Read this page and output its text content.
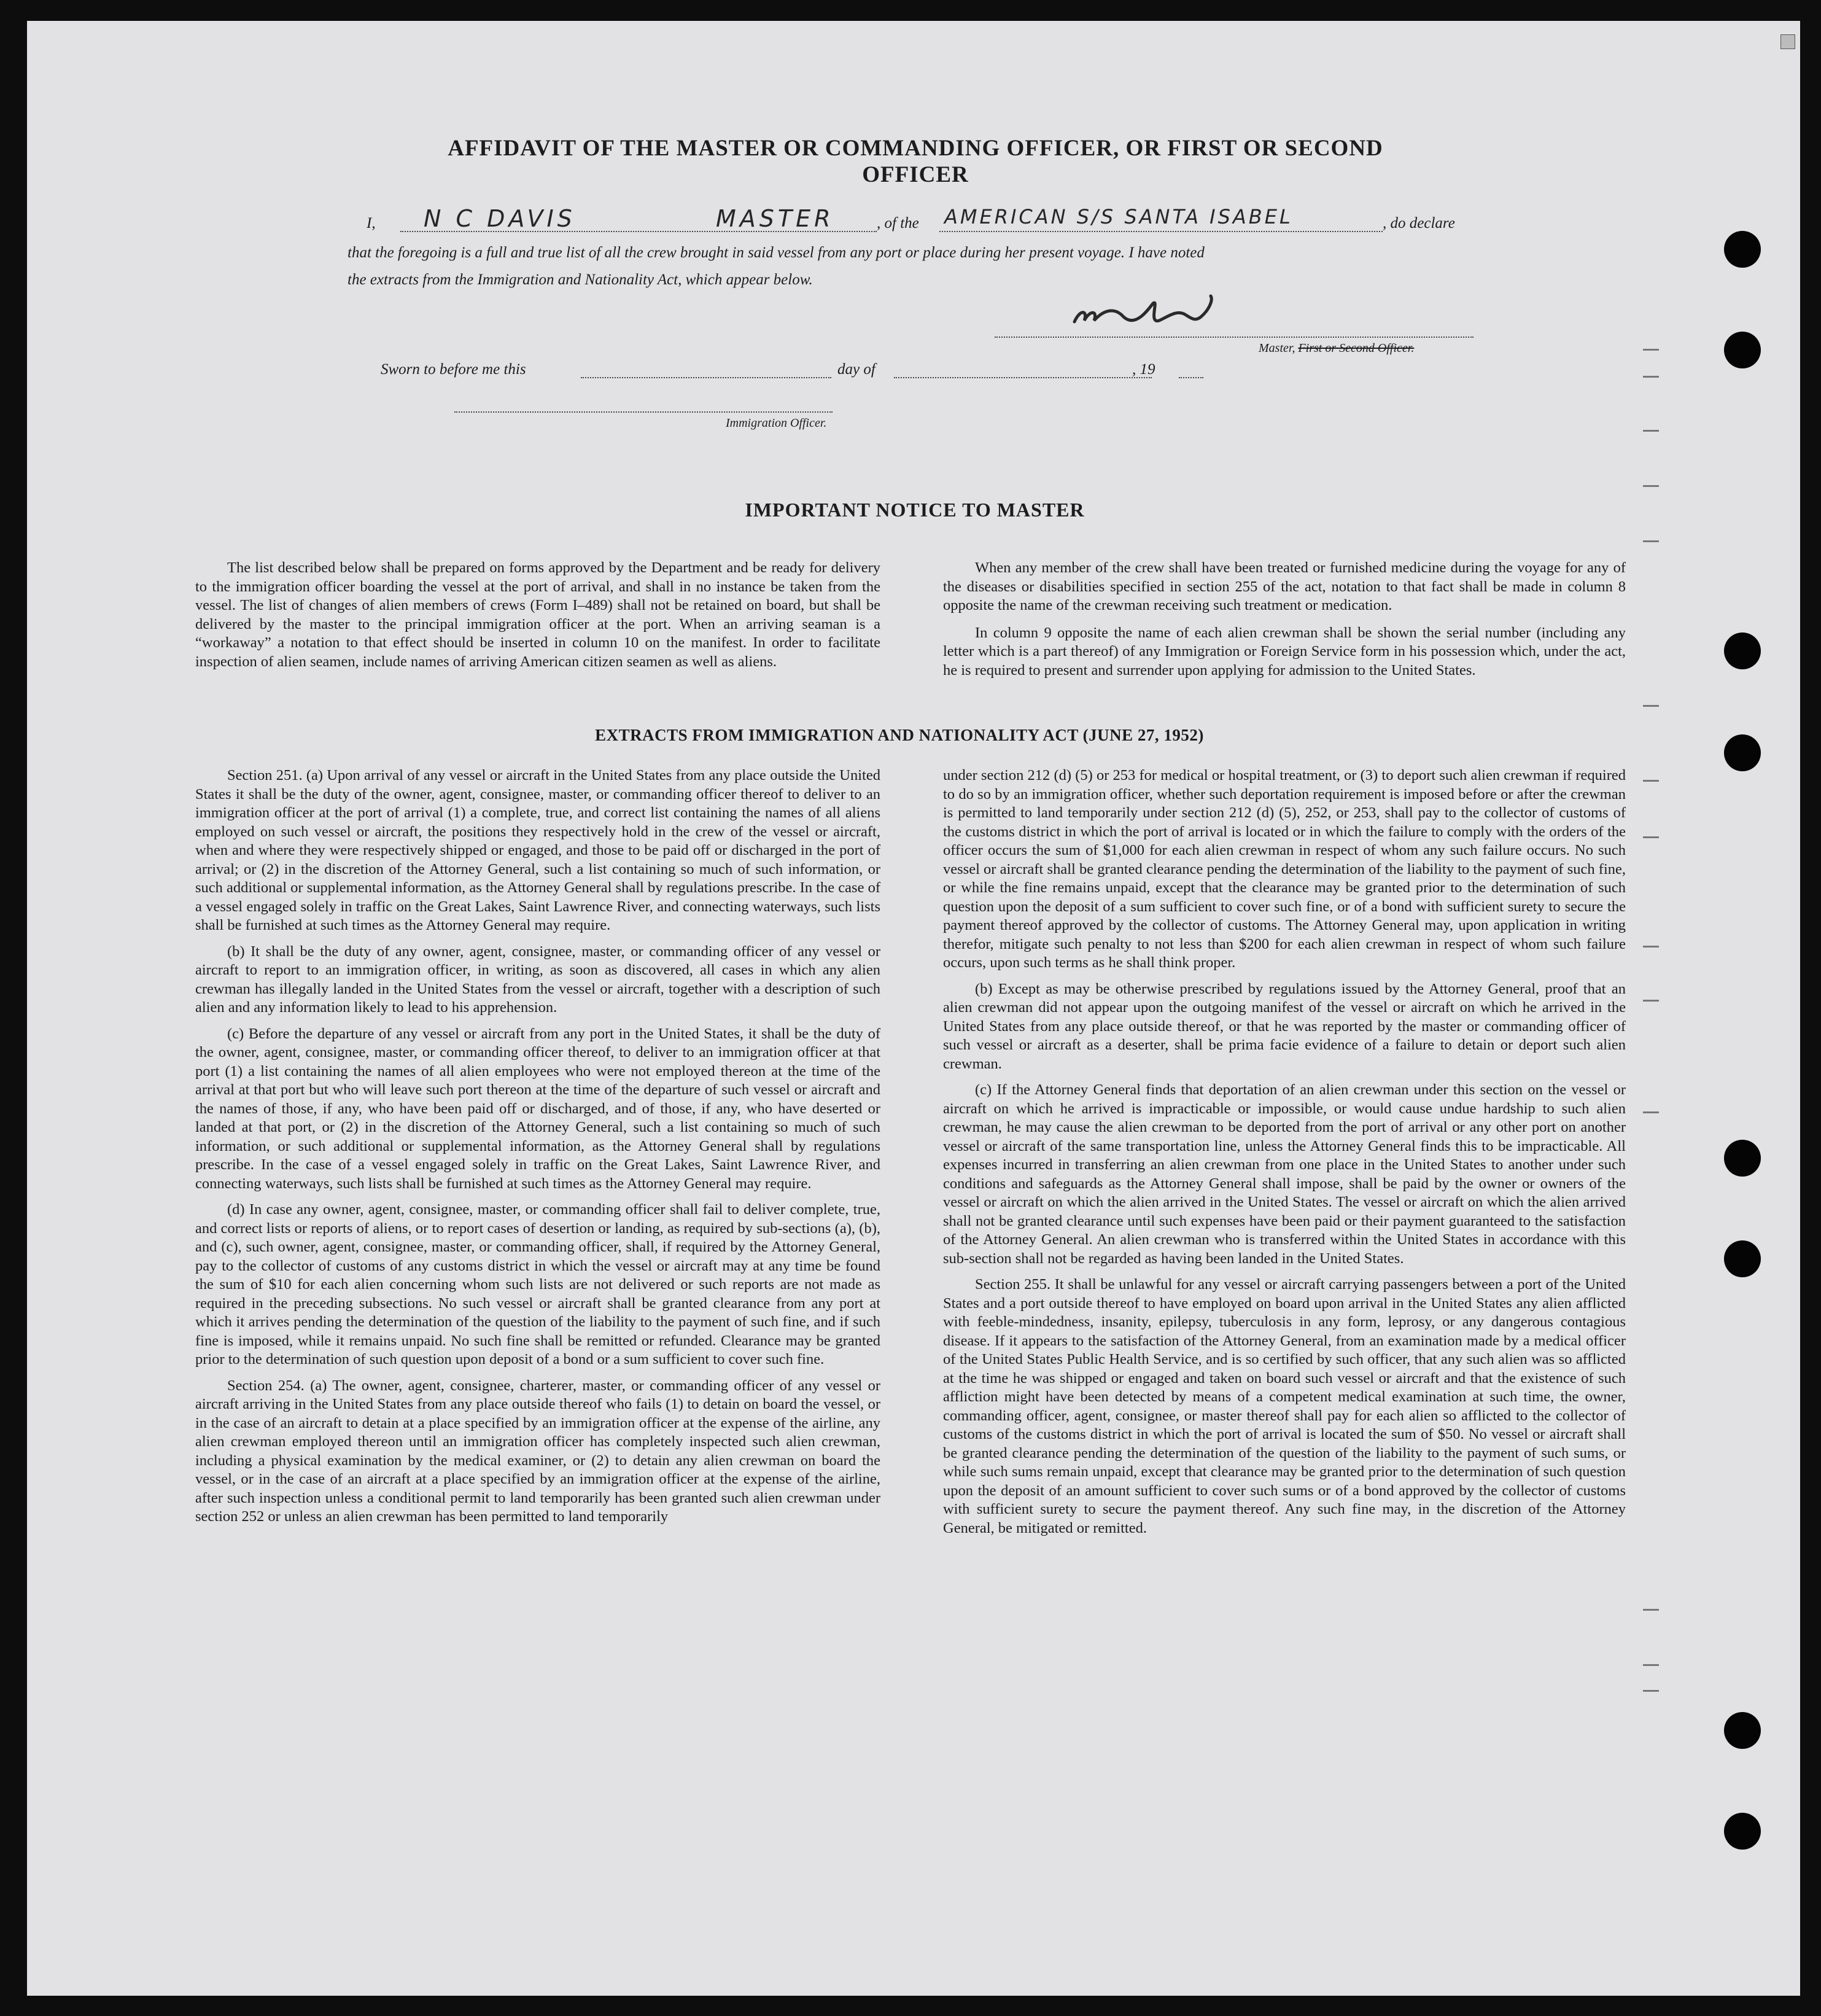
AFFIDAVIT OF THE MASTER OR COMMANDING OFFICER, OR FIRST OR SECOND OFFICER
I, N C DAVIS	MASTER	, of the AMERICAN S/S SANTA ISABEL	, do declare
that the foregoing is a full and true list of all the crew brought in said vessel from any port or place during her present voyage. I have noted
the extracts from the Immigration and Nationality Act, which appear below.
Master, First or Second Officer.
Sworn to before me this	day of	, 19
Immigration Officer.
IMPORTANT NOTICE TO MASTER

The list described below shall be prepared on forms approved by the Department and be ready for delivery to the immigration officer boarding the vessel at the port of arrival, and shall in no instance be taken from the vessel. The list of changes of alien members of crews (Form I–489) shall not be retained on board, but shall be delivered by the master to the principal immigration officer at the port. When an arriving seaman is a “workaway” a notation to that effect should be inserted in column 10 on the manifest. In order to facilitate inspection of alien seamen, include names of arriving American citizen seamen as well as aliens.

When any member of the crew shall have been treated or furnished medicine during the voyage for any of the diseases or disabilities specified in section 255 of the act, notation to that fact shall be made in column 8 opposite the name of the crewman receiving such treatment or medication.

In column 9 opposite the name of each alien crewman shall be shown the serial number (including any letter which is a part thereof) of any Immigration or Foreign Service form in his possession which, under the act, he is required to present and surrender upon applying for admission to the United States.

EXTRACTS FROM IMMIGRATION AND NATIONALITY ACT (JUNE 27, 1952)

Section 251. (a) Upon arrival of any vessel or aircraft in the United States from any place outside the United States it shall be the duty of the owner, agent, consignee, master, or commanding officer thereof to deliver to an immigration officer at the port of arrival (1) a complete, true, and correct list containing the names of all aliens employed on such vessel or aircraft, the positions they respectively hold in the crew of the vessel or aircraft, when and where they were respectively shipped or engaged, and those to be paid off or discharged in the port of arrival; or (2) in the discretion of the Attorney General, such a list containing so much of such information, or such additional or supplemental information, as the Attorney General shall by regulations prescribe. In the case of a vessel engaged solely in traffic on the Great Lakes, Saint Lawrence River, and connecting waterways, such lists shall be furnished at such times as the Attorney General may require.

(b) It shall be the duty of any owner, agent, consignee, master, or commanding officer of any vessel or aircraft to report to an immigration officer, in writing, as soon as discovered, all cases in which any alien crewman has illegally landed in the United States from the vessel or aircraft, together with a description of such alien and any information likely to lead to his apprehension.

(c) Before the departure of any vessel or aircraft from any port in the United States, it shall be the duty of the owner, agent, consignee, master, or commanding officer thereof, to deliver to an immigration officer at that port (1) a list containing the names of all alien employees who were not employed thereon at the time of the arrival at that port but who will leave such port thereon at the time of the departure of such vessel or aircraft and the names of those, if any, who have been paid off or discharged, and of those, if any, who have deserted or landed at that port, or (2) in the discretion of the Attorney General, such a list containing so much of such information, or such additional or supplemental information, as the Attorney General shall by regulations prescribe. In the case of a vessel engaged solely in traffic on the Great Lakes, Saint Lawrence River, and connecting waterways, such lists shall be furnished at such times as the Attorney General may require.

(d) In case any owner, agent, consignee, master, or commanding officer shall fail to deliver complete, true, and correct lists or reports of aliens, or to report cases of desertion or landing, as required by sub-sections (a), (b), and (c), such owner, agent, consignee, master, or commanding officer, shall, if required by the Attorney General, pay to the collector of customs of any customs district in which the vessel or aircraft may at any time be found the sum of $10 for each alien concerning whom such lists are not delivered or such reports are not made as required in the preceding subsections. No such vessel or aircraft shall be granted clearance from any port at which it arrives pending the determination of the question of the liability to the payment of such fine, and if such fine is imposed, while it remains unpaid. No such fine shall be remitted or refunded. Clearance may be granted prior to the determination of such question upon deposit of a bond or a sum sufficient to cover such fine.

Section 254. (a) The owner, agent, consignee, charterer, master, or commanding officer of any vessel or aircraft arriving in the United States from any place outside thereof who fails (1) to detain on board the vessel, or in the case of an aircraft to detain at a place specified by an immigration officer at the expense of the airline, any alien crewman employed thereon until an immigration officer has completely inspected such alien crewman, including a physical examination by the medical examiner, or (2) to detain any alien crewman on board the vessel, or in the case of an aircraft at a place specified by an immigration officer at the expense of the airline, after such inspection unless a conditional permit to land temporarily has been granted such alien crewman under section 252 or unless an alien crewman has been permitted to land temporarily

under section 212 (d) (5) or 253 for medical or hospital treatment, or (3) to deport such alien crewman if required to do so by an immigration officer, whether such deportation requirement is imposed before or after the crewman is permitted to land temporarily under section 212 (d) (5), 252, or 253, shall pay to the collector of customs of the customs district in which the port of arrival is located or in which the failure to comply with the orders of the officer occurs the sum of $1,000 for each alien crewman in respect of whom any such failure occurs. No such vessel or aircraft shall be granted clearance pending the determination of the liability to the payment of such fine, or while the fine remains unpaid, except that the clearance may be granted prior to the determination of such question upon the deposit of a sum sufficient to cover such fine, or of a bond with sufficient surety to secure the payment thereof approved by the collector of customs. The Attorney General may, upon application in writing therefor, mitigate such penalty to not less than $200 for each alien crewman in respect of whom such failure occurs, upon such terms as he shall think proper.

(b) Except as may be otherwise prescribed by regulations issued by the Attorney General, proof that an alien crewman did not appear upon the outgoing manifest of the vessel or aircraft on which he arrived in the United States from any place outside thereof, or that he was reported by the master or commanding officer of such vessel or aircraft as a deserter, shall be prima facie evidence of a failure to detain or deport such alien crewman.

(c) If the Attorney General finds that deportation of an alien crewman under this section on the vessel or aircraft on which he arrived is impracticable or impossible, or would cause undue hardship to such alien crewman, he may cause the alien crewman to be deported from the port of arrival or any other port on another vessel or aircraft of the same transportation line, unless the Attorney General finds this to be impracticable. All expenses incurred in transferring an alien crewman from one place in the United States to another under such conditions and safeguards as the Attorney General shall impose, shall be paid by the owner or owners of the vessel or aircraft on which the alien arrived in the United States. The vessel or aircraft on which the alien arrived shall not be granted clearance until such expenses have been paid or their payment guaranteed to the satisfaction of the Attorney General. An alien crewman who is transferred within the United States in accordance with this sub-section shall not be regarded as having been landed in the United States.

Section 255. It shall be unlawful for any vessel or aircraft carrying passengers between a port of the United States and a port outside thereof to have employed on board upon arrival in the United States any alien afflicted with feeble-mindedness, insanity, epilepsy, tuberculosis in any form, leprosy, or any dangerous contagious disease. If it appears to the satisfaction of the Attorney General, from an examination made by a medical officer of the United States Public Health Service, and is so certified by such officer, that any such alien was so afflicted at the time he was shipped or engaged and taken on board such vessel or aircraft and that the existence of such affliction might have been detected by means of a competent medical examination at such time, the owner, commanding officer, agent, consignee, or master thereof shall pay for each alien so afflicted to the collector of customs of the customs district in which the port of arrival is located the sum of $50. No vessel or aircraft shall be granted clearance pending the determination of the question of the liability to the payment of such sums, or while such sums remain unpaid, except that clearance may be granted prior to the determination of such question upon the deposit of an amount sufficient to cover such sums or of a bond approved by the collector of customs with sufficient surety to secure the payment thereof. Any such fine may, in the discretion of the Attorney General, be mitigated or remitted.
